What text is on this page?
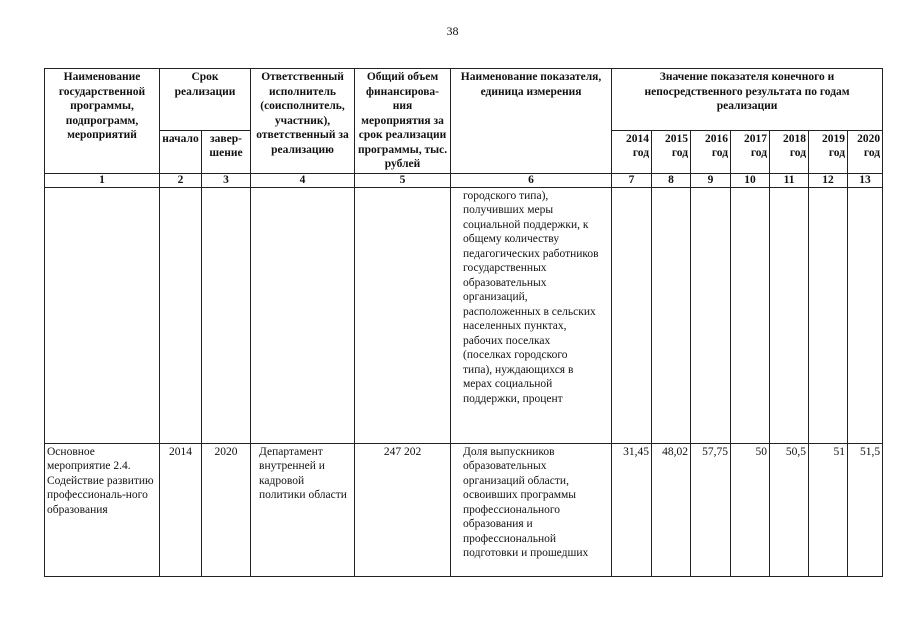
38
Наименование государственной программы, подпрограмм, мероприятий	Срок реализации		Ответственный исполнитель (соисполнитель, участник), ответственный за реализацию	Общий объем финансирова-ния мероприятия за срок реализации программы, тыс. рублей	Наименование показателя, единица измерения	Значение показателя конечного и непосредственного результата по годам реализации						
	начало	завер-шение				2014 год	2015 год	2016 год	2017 год	2018 год	2019 год	2020 год
1	2	3	4	5	6	7	8	9	10	11	12	13
					городского типа), получивших меры социальной поддержки, к общему количеству педагогических работников государственных образовательных организаций, расположенных в сельских населенных пунктах, рабочих поселках (поселках городского типа), нуждающихся в мерах социальной поддержки, процент							
Основное мероприятие 2.4. Содействие развитию профессиональ-ного образования	2014	2020	Департамент внутренней и кадровой политики области	247 202	Доля выпускников образовательных организаций области, освоивших программы профессионального образования и профессиональной подготовки и прошедших	31,45	48,02	57,75	50	50,5	51	51,5
